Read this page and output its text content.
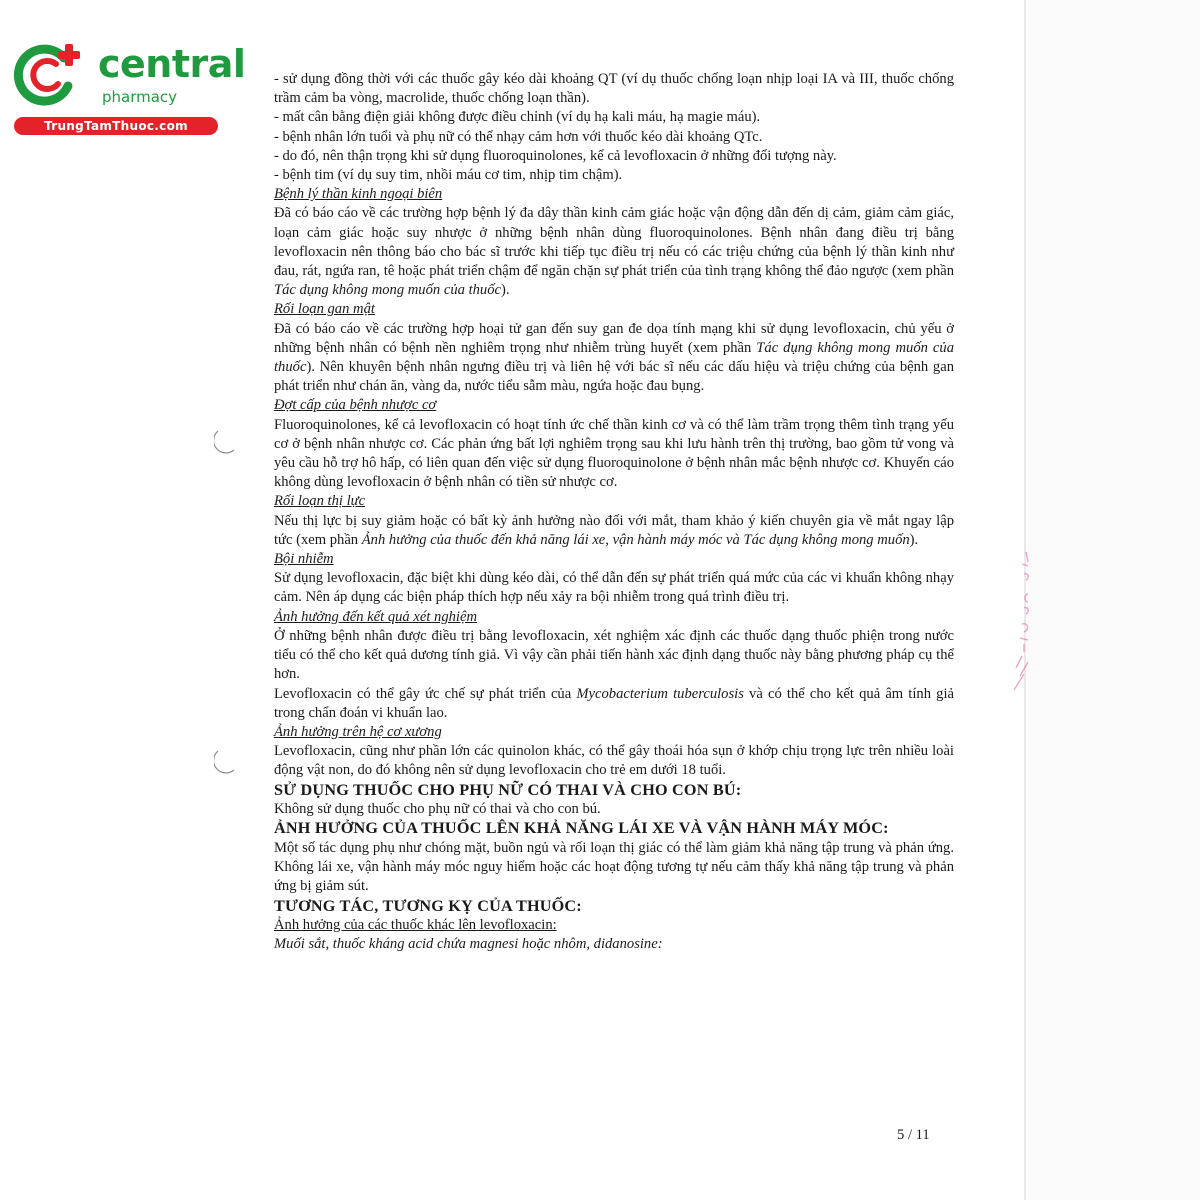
central
pharmacy
TrungTamThuoc.com

- sử dụng đồng thời với các thuốc gây kéo dài khoảng QT (ví dụ thuốc chống loạn nhịp loại IA và III, thuốc chống trầm cảm ba vòng, macrolide, thuốc chống loạn thần).

- mất cân bằng điện giải không được điều chỉnh (ví dụ hạ kali máu, hạ magie máu).

- bệnh nhân lớn tuổi và phụ nữ có thể nhạy cảm hơn với thuốc kéo dài khoảng QTc.

- do đó, nên thận trọng khi sử dụng fluoroquinolones, kể cả levofloxacin ở những đối tượng này.

- bệnh tim (ví dụ suy tim, nhồi máu cơ tim, nhịp tim chậm).

Bệnh lý thần kinh ngoại biên

Đã có báo cáo về các trường hợp bệnh lý đa dây thần kinh cảm giác hoặc vận động dẫn đến dị cảm, giảm cảm giác, loạn cảm giác hoặc suy nhược ở những bệnh nhân dùng fluoroquinolones. Bệnh nhân đang điều trị bằng levofloxacin nên thông báo cho bác sĩ trước khi tiếp tục điều trị nếu có các triệu chứng của bệnh lý thần kinh như đau, rát, ngứa ran, tê hoặc phát triển chậm để ngăn chặn sự phát triển của tình trạng không thể đảo ngược (xem phần Tác dụng không mong muốn của thuốc).

Rối loạn gan mật

Đã có báo cáo về các trường hợp hoại tử gan đến suy gan đe dọa tính mạng khi sử dụng levofloxacin, chủ yếu ở những bệnh nhân có bệnh nền nghiêm trọng như nhiễm trùng huyết (xem phần Tác dụng không mong muốn của thuốc). Nên khuyên bệnh nhân ngưng điều trị và liên hệ với bác sĩ nếu các dấu hiệu và triệu chứng của bệnh gan phát triển như chán ăn, vàng da, nước tiểu sẫm màu, ngứa hoặc đau bụng.

Đợt cấp của bệnh nhược cơ

Fluoroquinolones, kể cả levofloxacin có hoạt tính ức chế thần kinh cơ và có thể làm trầm trọng thêm tình trạng yếu cơ ở bệnh nhân nhược cơ. Các phản ứng bất lợi nghiêm trọng sau khi lưu hành trên thị trường, bao gồm tử vong và yêu cầu hỗ trợ hô hấp, có liên quan đến việc sử dụng fluoroquinolone ở bệnh nhân mắc bệnh nhược cơ. Khuyến cáo không dùng levofloxacin ở bệnh nhân có tiền sử nhược cơ.

Rối loạn thị lực

Nếu thị lực bị suy giảm hoặc có bất kỳ ảnh hưởng nào đối với mắt, tham khảo ý kiến chuyên gia về mắt ngay lập tức (xem phần Ảnh hưởng của thuốc đến khả năng lái xe, vận hành máy móc và Tác dụng không mong muốn).

Bội nhiễm

Sử dụng levofloxacin, đặc biệt khi dùng kéo dài, có thể dẫn đến sự phát triển quá mức của các vi khuẩn không nhạy cảm. Nên áp dụng các biện pháp thích hợp nếu xảy ra bội nhiễm trong quá trình điều trị.

Ảnh hưởng đến kết quả xét nghiệm

Ở những bệnh nhân được điều trị bằng levofloxacin, xét nghiệm xác định các thuốc dạng thuốc phiện trong nước tiểu có thể cho kết quả dương tính giả. Vì vậy cần phải tiến hành xác định dạng thuốc này bằng phương pháp cụ thể hơn.

Levofloxacin có thể gây ức chế sự phát triển của Mycobacterium tuberculosis và có thể cho kết quả âm tính giả trong chẩn đoán vi khuẩn lao.

Ảnh hưởng trên hệ cơ xương

Levofloxacin, cũng như phần lớn các quinolon khác, có thể gây thoái hóa sụn ở khớp chịu trọng lực trên nhiều loài động vật non, do đó không nên sử dụng levofloxacin cho trẻ em dưới 18 tuổi.

SỬ DỤNG THUỐC CHO PHỤ NỮ CÓ THAI VÀ CHO CON BÚ:

Không sử dụng thuốc cho phụ nữ có thai và cho con bú.

ẢNH HƯỞNG CỦA THUỐC LÊN KHẢ NĂNG LÁI XE VÀ VẬN HÀNH MÁY MÓC:

Một số tác dụng phụ như chóng mặt, buồn ngủ và rối loạn thị giác có thể làm giảm khả năng tập trung và phản ứng. Không lái xe, vận hành máy móc nguy hiểm hoặc các hoạt động tương tự nếu cảm thấy khả năng tập trung và phản ứng bị giảm sút.

TƯƠNG TÁC, TƯƠNG KỴ CỦA THUỐC:

Ảnh hưởng của các thuốc khác lên levofloxacin:

Muối sắt, thuốc kháng acid chứa magnesi hoặc nhôm, didanosine:

5 / 11
